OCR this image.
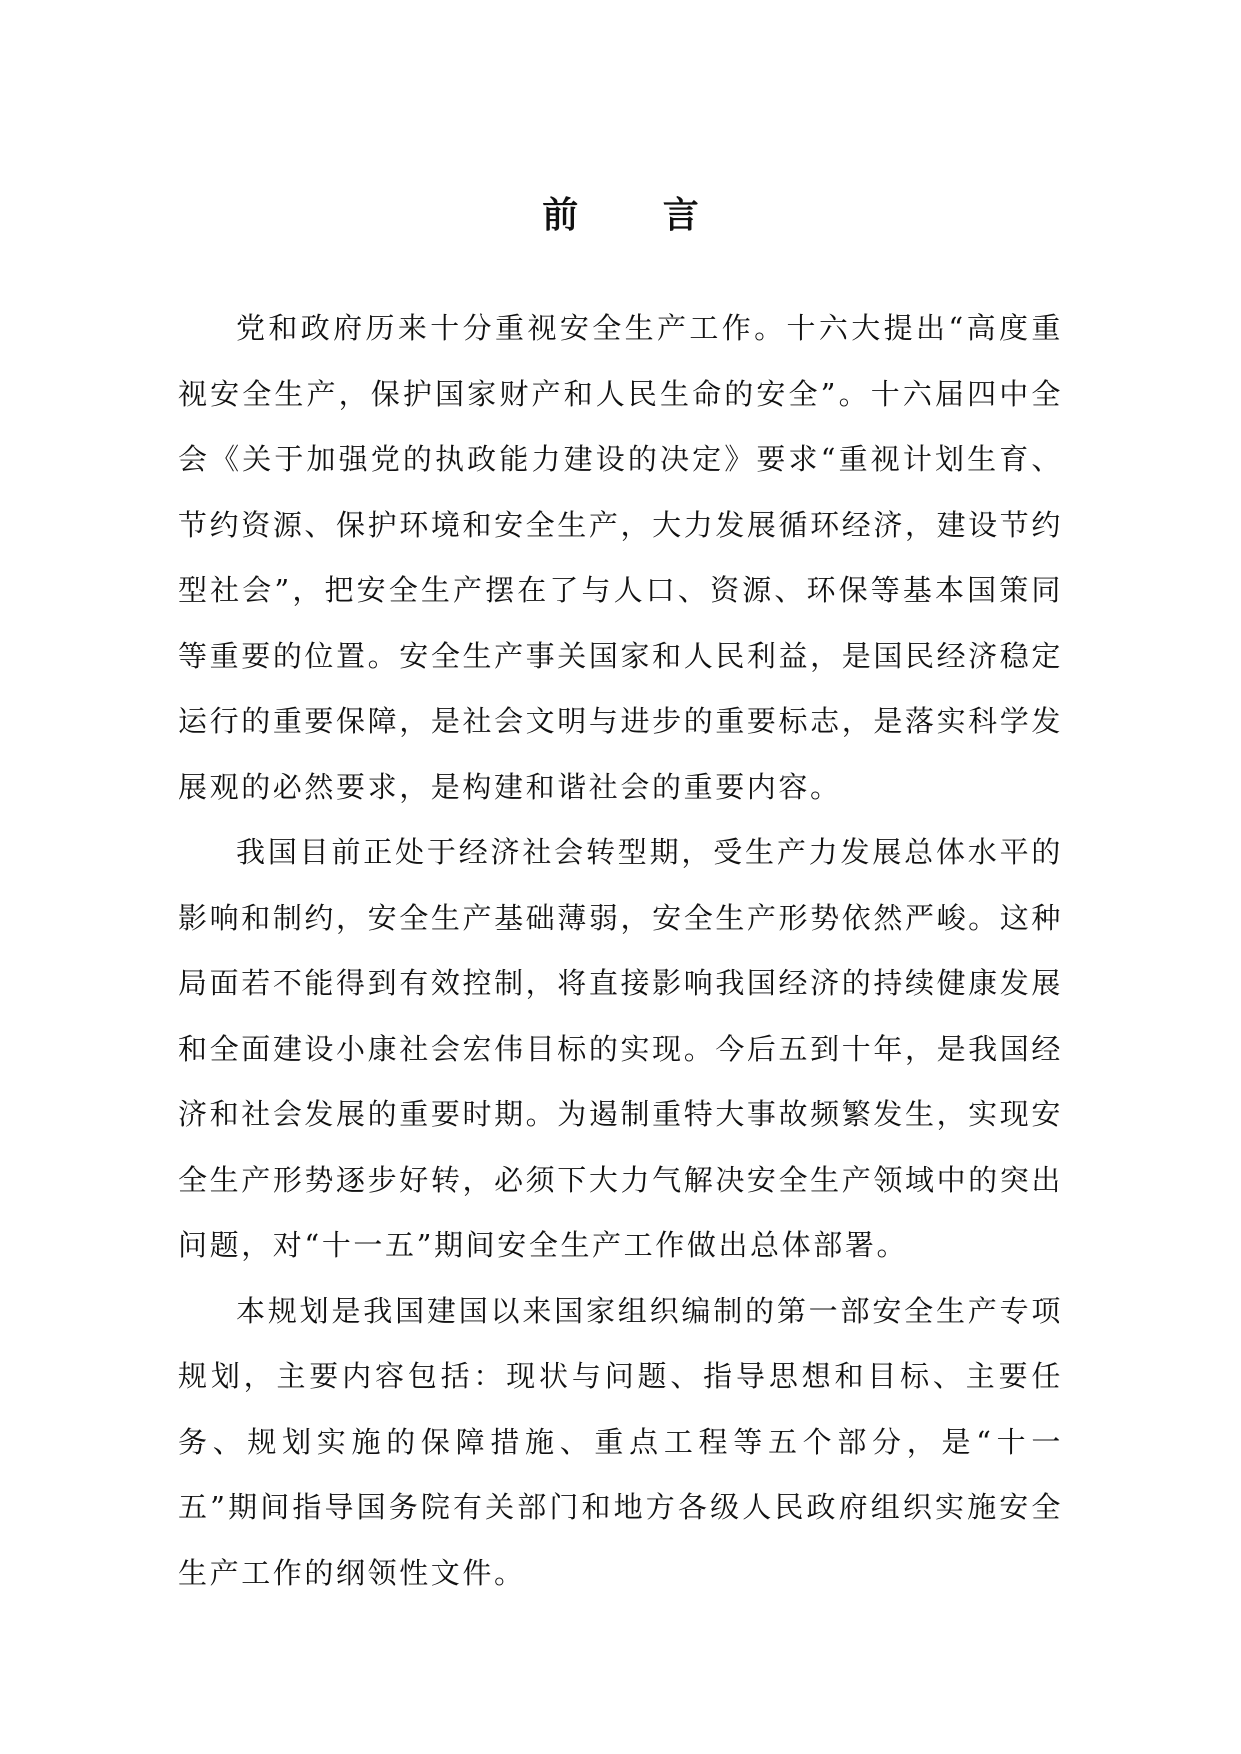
前 言

党和政府历来十分重视安全生产工作。十六大提出“高度重视安全生产，保护国家财产和人民生命的安全”。十六届四中全会《关于加强党的执政能力建设的决定》要求“重视计划生育、节约资源、保护环境和安全生产，大力发展循环经济，建设节约型社会”，把安全生产摆在了与人口、资源、环保等基本国策同等重要的位置。安全生产事关国家和人民利益，是国民经济稳定运行的重要保障，是社会文明与进步的重要标志，是落实科学发展观的必然要求，是构建和谐社会的重要内容。

我国目前正处于经济社会转型期，受生产力发展总体水平的影响和制约，安全生产基础薄弱，安全生产形势依然严峻。这种局面若不能得到有效控制，将直接影响我国经济的持续健康发展和全面建设小康社会宏伟目标的实现。今后五到十年，是我国经济和社会发展的重要时期。为遏制重特大事故频繁发生，实现安全生产形势逐步好转，必须下大力气解决安全生产领域中的突出问题，对“十一五”期间安全生产工作做出总体部署。

本规划是我国建国以来国家组织编制的第一部安全生产专项规划，主要内容包括：现状与问题、指导思想和目标、主要任务、规划实施的保障措施、重点工程等五个部分，是“十一五”期间指导国务院有关部门和地方各级人民政府组织实施安全生产工作的纲领性文件。
